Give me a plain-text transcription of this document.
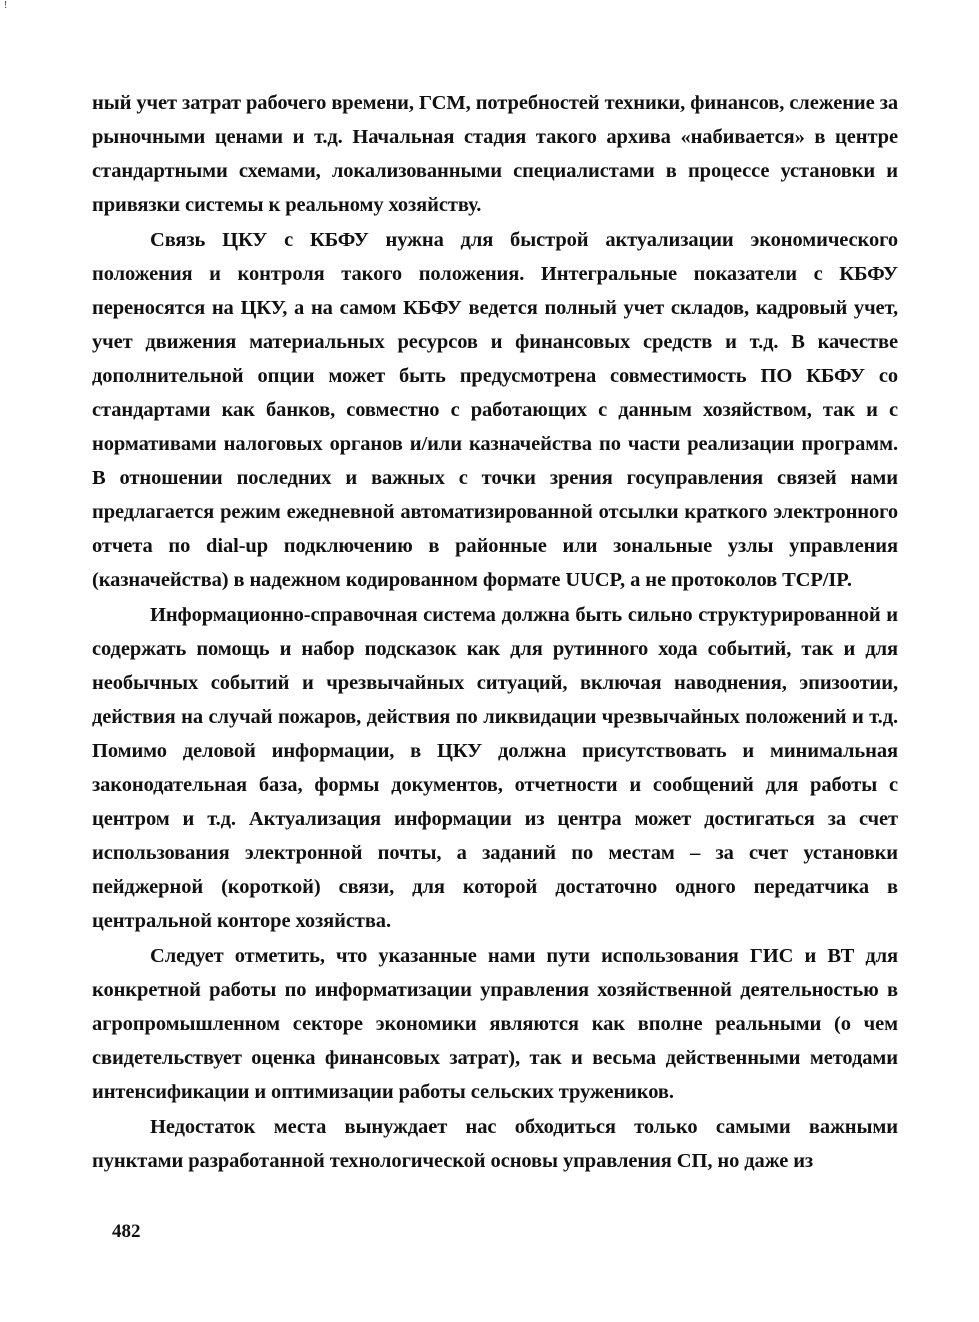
!

ный учет затрат рабочего времени, ГСМ, потребностей техники, финансов, слежение за рыночными ценами и т.д. Начальная стадия такого архива «набивается» в центре стандартными схемами, локализованными специалистами в процессе установки и привязки системы к реальному хозяйству.

Связь ЦКУ с КБФУ нужна для быстрой актуализации экономического положения и контроля такого положения. Интегральные показатели с КБФУ переносятся на ЦКУ, а на самом КБФУ ведется полный учет складов, кадровый учет, учет движения материальных ресурсов и финансовых средств и т.д. В качестве дополнительной опции может быть предусмотрена совместимость ПО КБФУ со стандартами как банков, совместно с работающих с данным хозяйством, так и с нормативами налоговых органов и/или казначейства по части реализации программ. В отношении последних и важных с точки зрения госуправления связей нами предлагается режим ежедневной автоматизированной отсылки краткого электронного отчета по dial-up подключению в районные или зональные узлы управления (казначейства) в надежном кодированном формате UUCP, а не протоколов TCP/IP.

Информационно-справочная система должна быть сильно структурированной и содержать помощь и набор подсказок как для рутинного хода событий, так и для необычных событий и чрезвычайных ситуаций, включая наводнения, эпизоотии, действия на случай пожаров, действия по ликвидации чрезвычайных положений и т.д. Помимо деловой информации, в ЦКУ должна присутствовать и минимальная законодательная база, формы документов, отчетности и сообщений для работы с центром и т.д. Актуализация информации из центра может достигаться за счет использования электронной почты, а заданий по местам – за счет установки пейджерной (короткой) связи, для которой достаточно одного передатчика в центральной конторе хозяйства.

Следует отметить, что указанные нами пути использования ГИС и ВТ для конкретной работы по информатизации управления хозяйственной деятельностью в агропромышленном секторе экономики являются как вполне реальными (о чем свидетельствует оценка финансовых затрат), так и весьма действенными методами интенсификации и оптимизации работы сельских тружеников.

Недостаток места вынуждает нас обходиться только самыми важными пунктами разработанной технологической основы управления СП, но даже из

482
